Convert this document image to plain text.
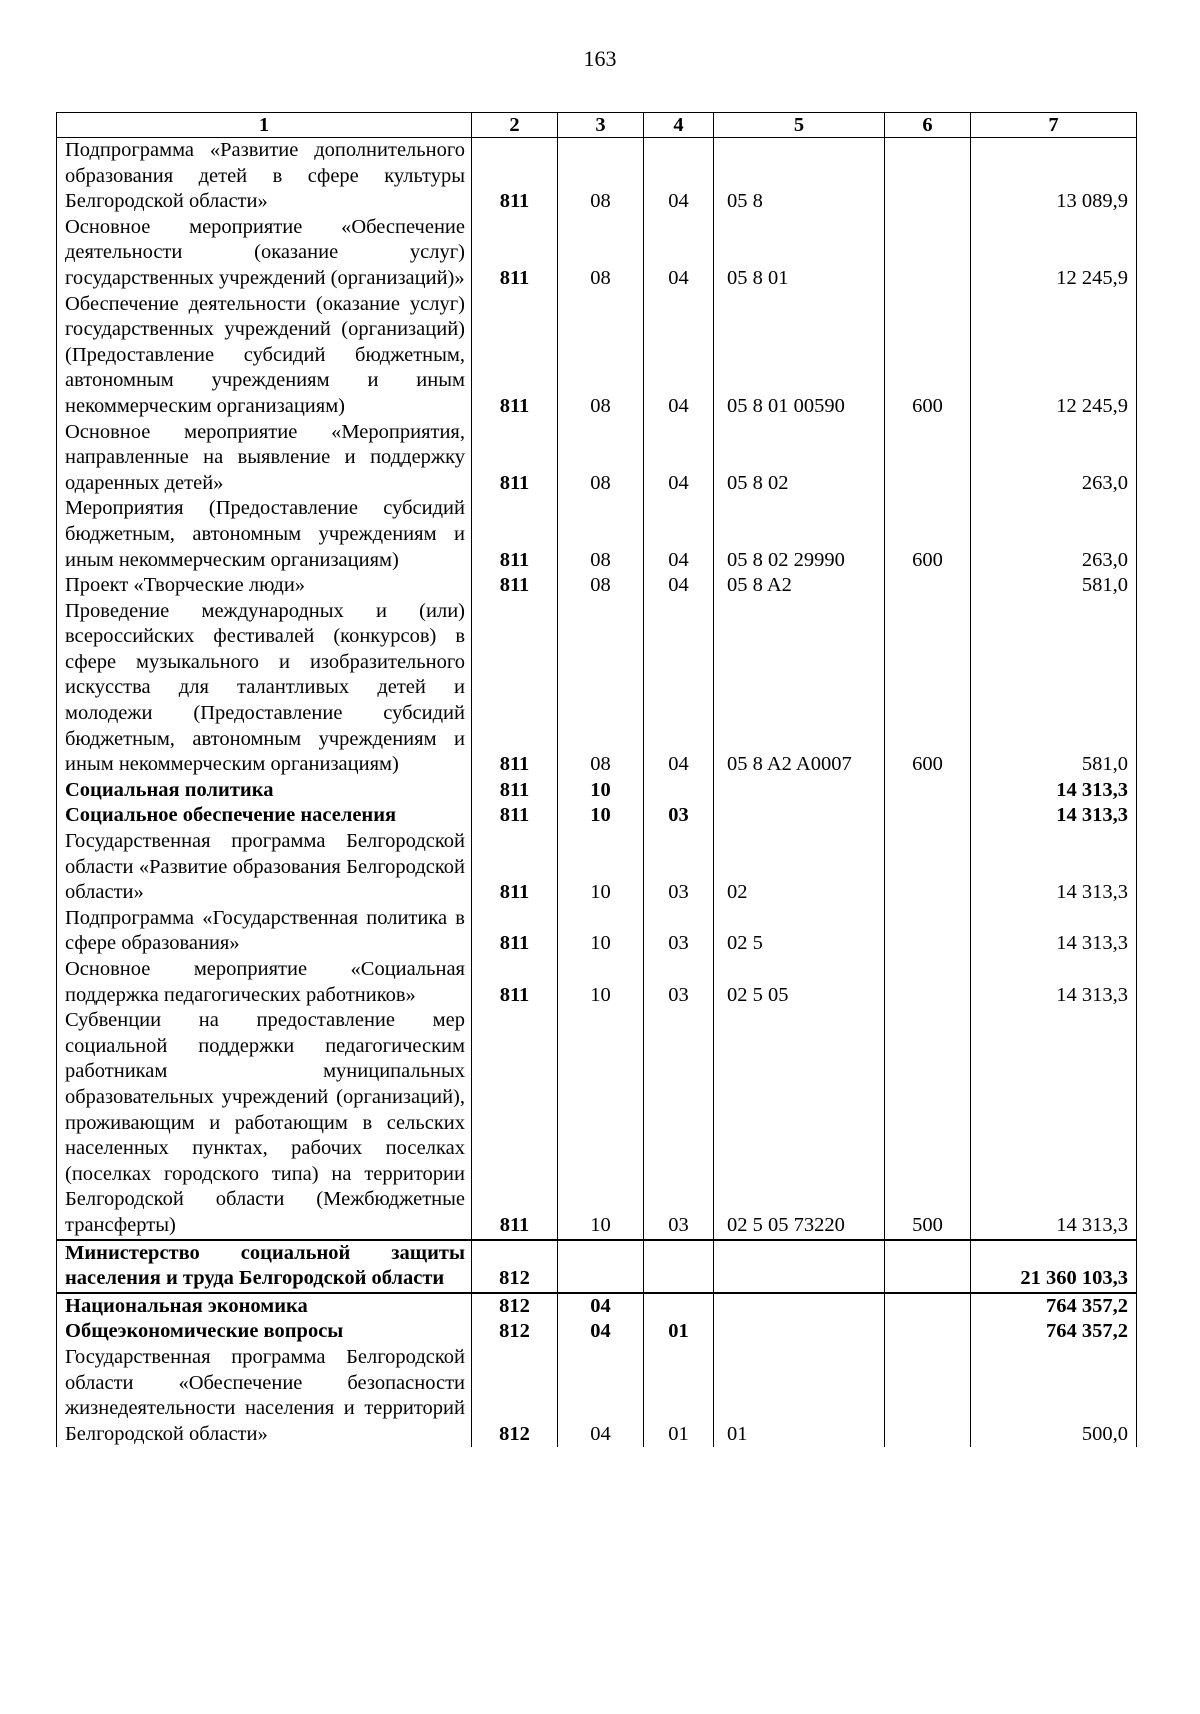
163
1	2	3	4	5	6	7
Подпрограмма «Развитие дополнительного образования детей в сфере культуры Белгородской области»	811	08	04	05 8		13 089,9
Основное мероприятие «Обеспечение деятельности (оказание услуг) государственных учреждений (организаций)»	811	08	04	05 8 01		12 245,9
Обеспечение деятельности (оказание услуг) государственных учреждений (организаций) (Предоставление субсидий бюджетным, автономным учреждениям и иным некоммерческим организациям)	811	08	04	05 8 01 00590	600	12 245,9
Основное мероприятие «Мероприятия, направленные на выявление и поддержку одаренных детей»	811	08	04	05 8 02		263,0
Мероприятия (Предоставление субсидий бюджетным, автономным учреждениям и иным некоммерческим организациям)	811	08	04	05 8 02 29990	600	263,0
Проект «Творческие люди»	811	08	04	05 8 A2		581,0
Проведение международных и (или) всероссийских фестивалей (конкурсов) в сфере музыкального и изобразительного искусства для талантливых детей и молодежи (Предоставление субсидий бюджетным, автономным учреждениям и иным некоммерческим организациям)	811	08	04	05 8 A2 A0007	600	581,0
Социальная политика	811	10				14 313,3
Социальное обеспечение населения	811	10	03			14 313,3
Государственная программа Белгородской области «Развитие образования Белгородской области»	811	10	03	02		14 313,3
Подпрограмма «Государственная политика в сфере образования»	811	10	03	02 5		14 313,3
Основное мероприятие «Социальная поддержка педагогических работников»	811	10	03	02 5 05		14 313,3
Субвенции на предоставление мер социальной поддержки педагогическим работникам муниципальных образовательных учреждений (организаций), проживающим и работающим в сельских населенных пунктах, рабочих поселках (поселках городского типа) на территории Белгородской области (Межбюджетные трансферты)	811	10	03	02 5 05 73220	500	14 313,3
Министерство социальной защиты населения и труда Белгородской области	812					21 360 103,3
Национальная экономика	812	04				764 357,2
Общеэкономические вопросы	812	04	01			764 357,2
Государственная программа Белгородской области «Обеспечение безопасности жизнедеятельности населения и территорий Белгородской области»	812	04	01	01		500,0
